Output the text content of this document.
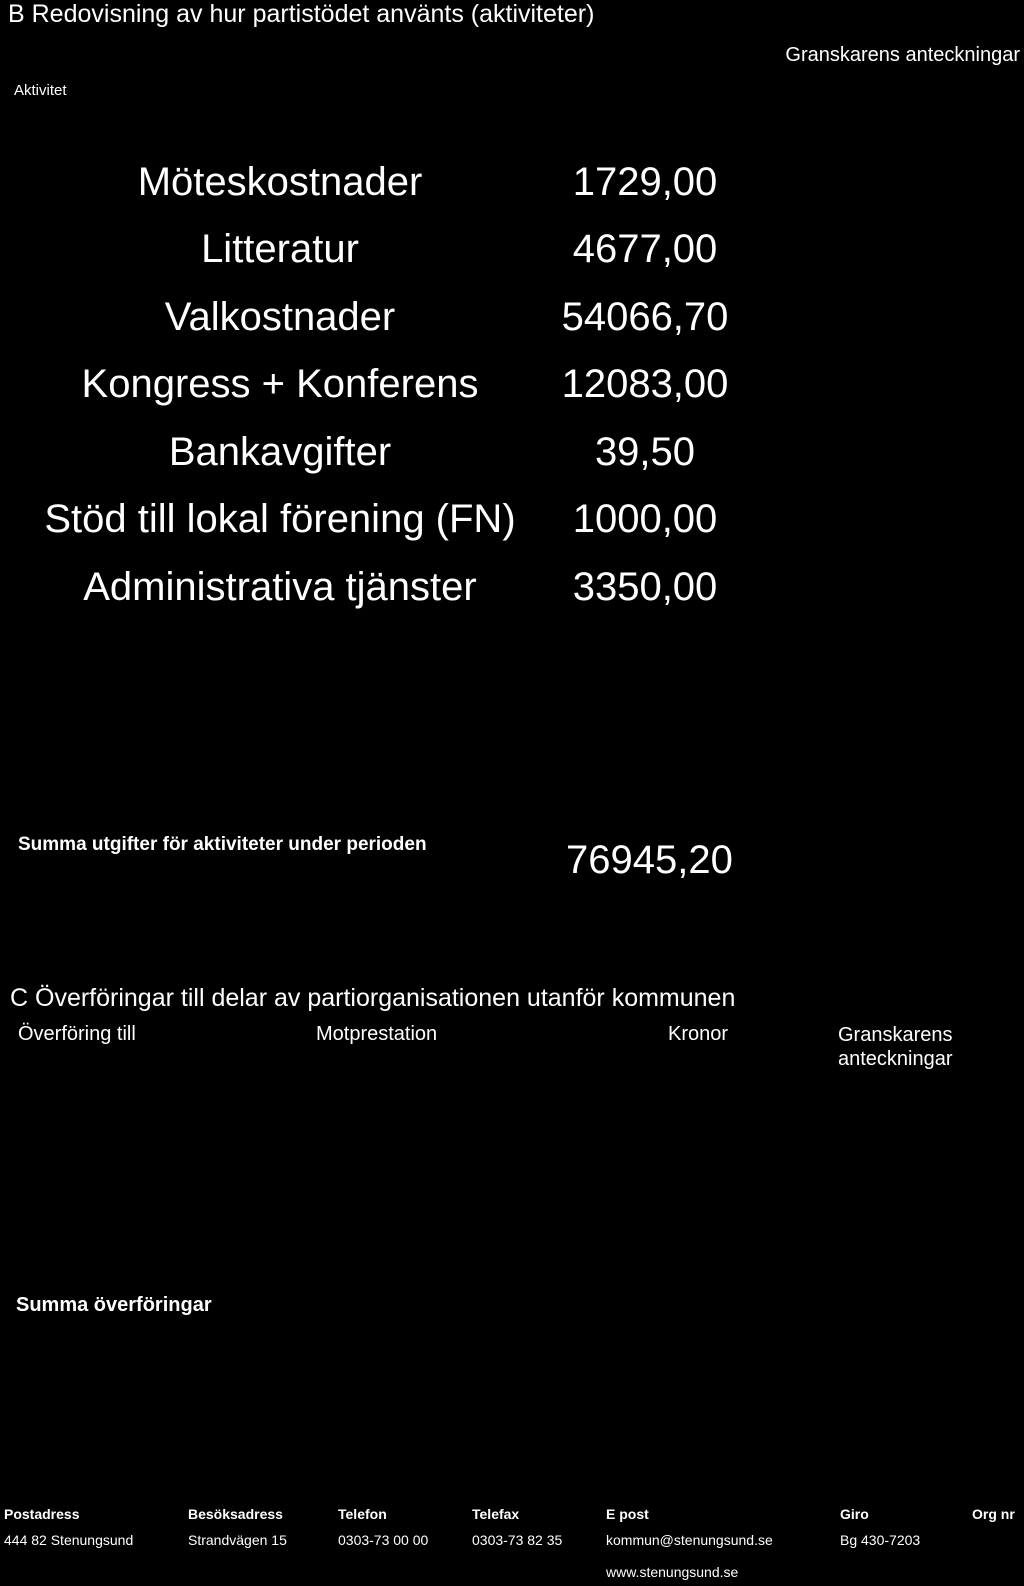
B Redovisning av hur partistödet använts (aktiviteter)
Granskarens anteckningar
Aktivitet
Möteskostnader	1729,00
Litteratur	4677,00
Valkostnader	54066,70
Kongress + Konferens	12083,00
Bankavgifter	39,50
Stöd till lokal förening (FN)	1000,00
Administrativa tjänster	3350,00
Summa utgifter för aktiviteter under perioden	76945,20
C Överföringar till delar av partiorganisationen utanför kommunen
Överföring till	Motprestation	Kronor	Granskarens anteckningar
Summa överföringar
Postadress	Besöksadress	Telefon	Telefax	E post	Giro	Org nr
444 82 Stenungsund	Strandvägen 15	0303-73 00 00	0303-73 82 35	kommun@stenungsund.se	Bg 430-7203
www.stenungsund.se
